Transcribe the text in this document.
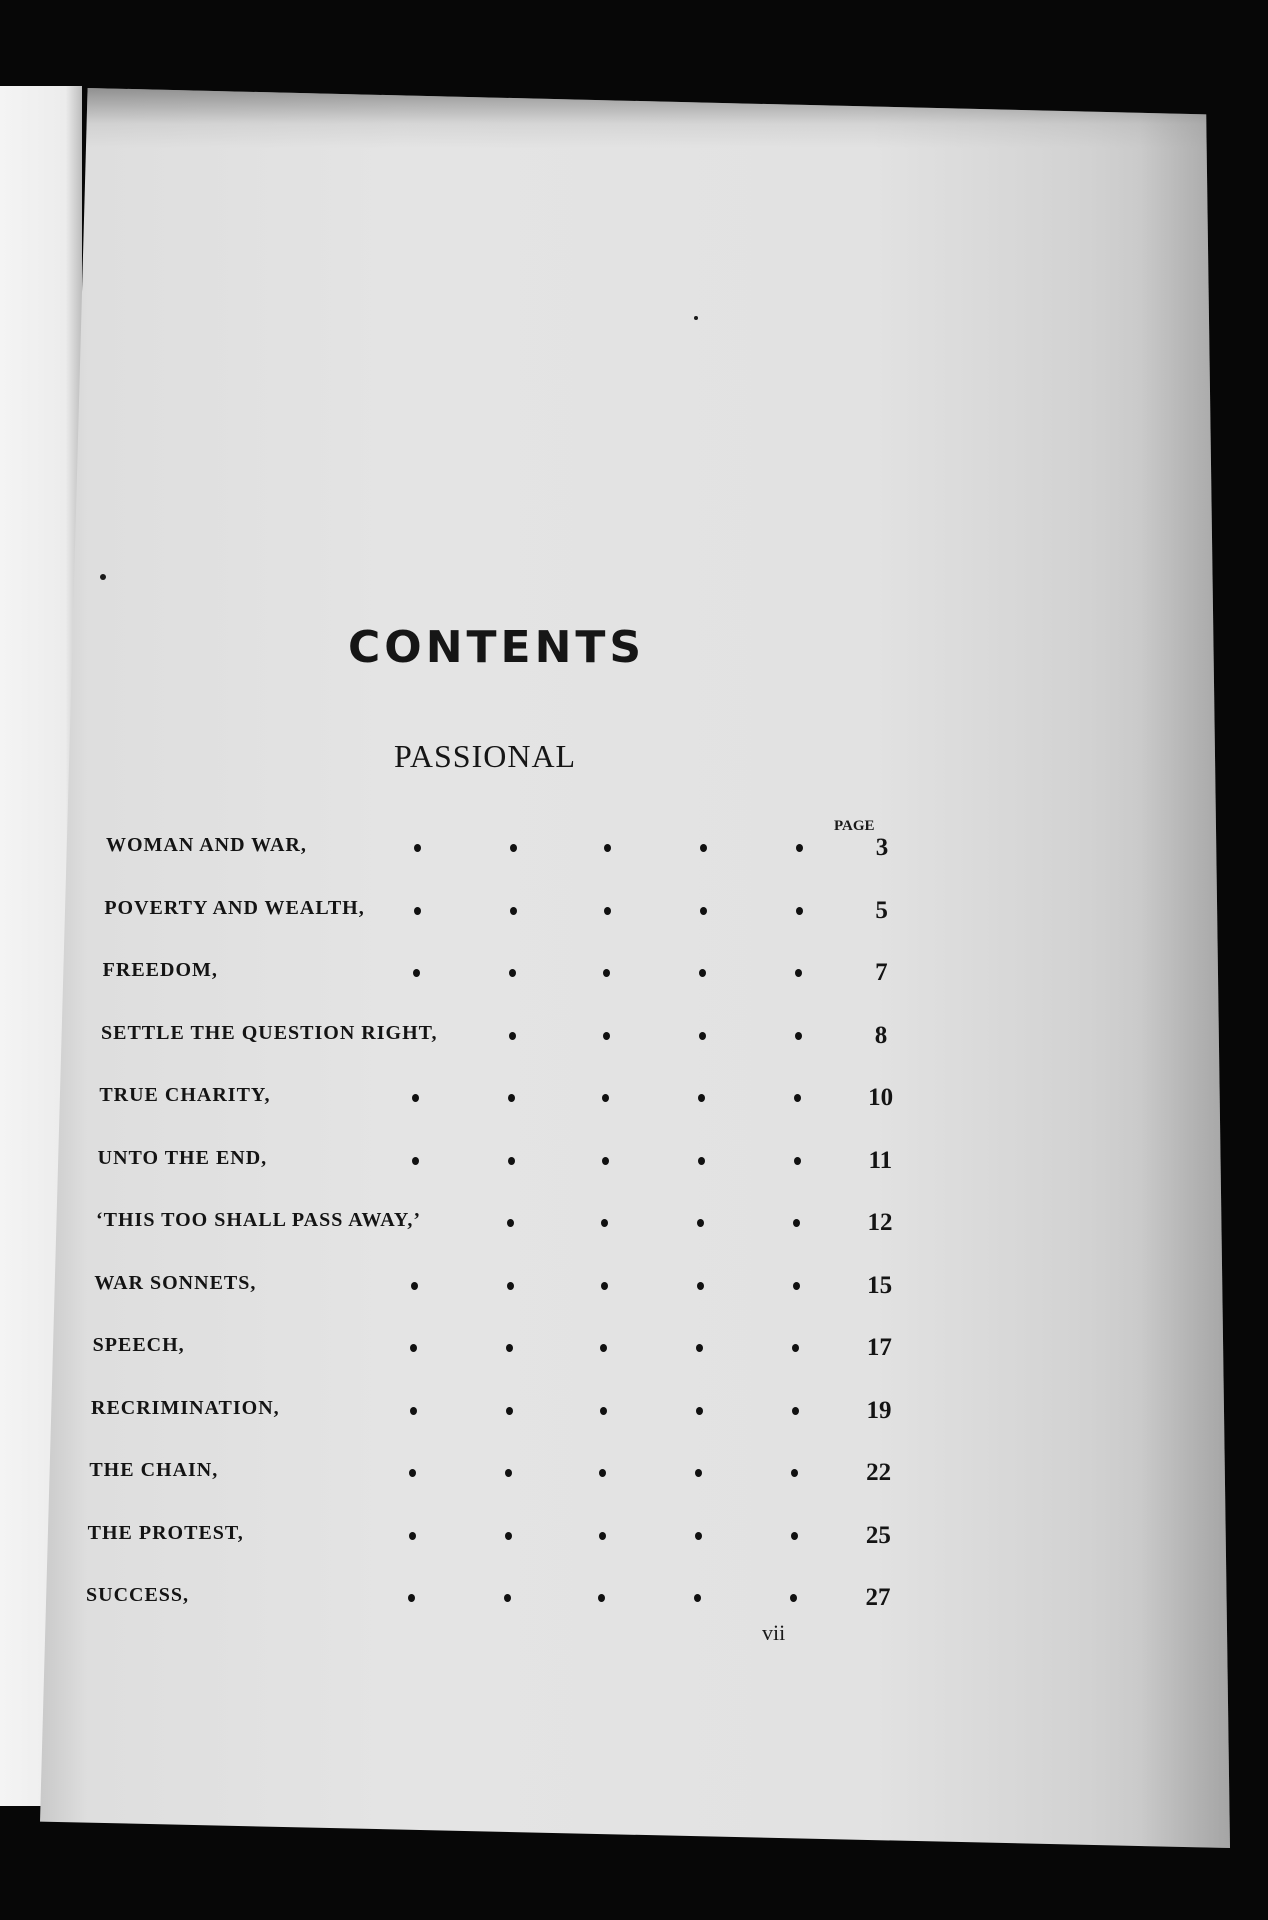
CONTENTS
PASSIONAL
PAGE
WOMAN AND WAR,	3
POVERTY AND WEALTH,	5
FREEDOM,	7
SETTLE THE QUESTION RIGHT,	8
TRUE CHARITY,	10
UNTO THE END,	11
‘THIS TOO SHALL PASS AWAY,’	12
WAR SONNETS,	15
SPEECH,	17
RECRIMINATION,	19
THE CHAIN,	22
THE PROTEST,	25
SUCCESS,	27
vii
